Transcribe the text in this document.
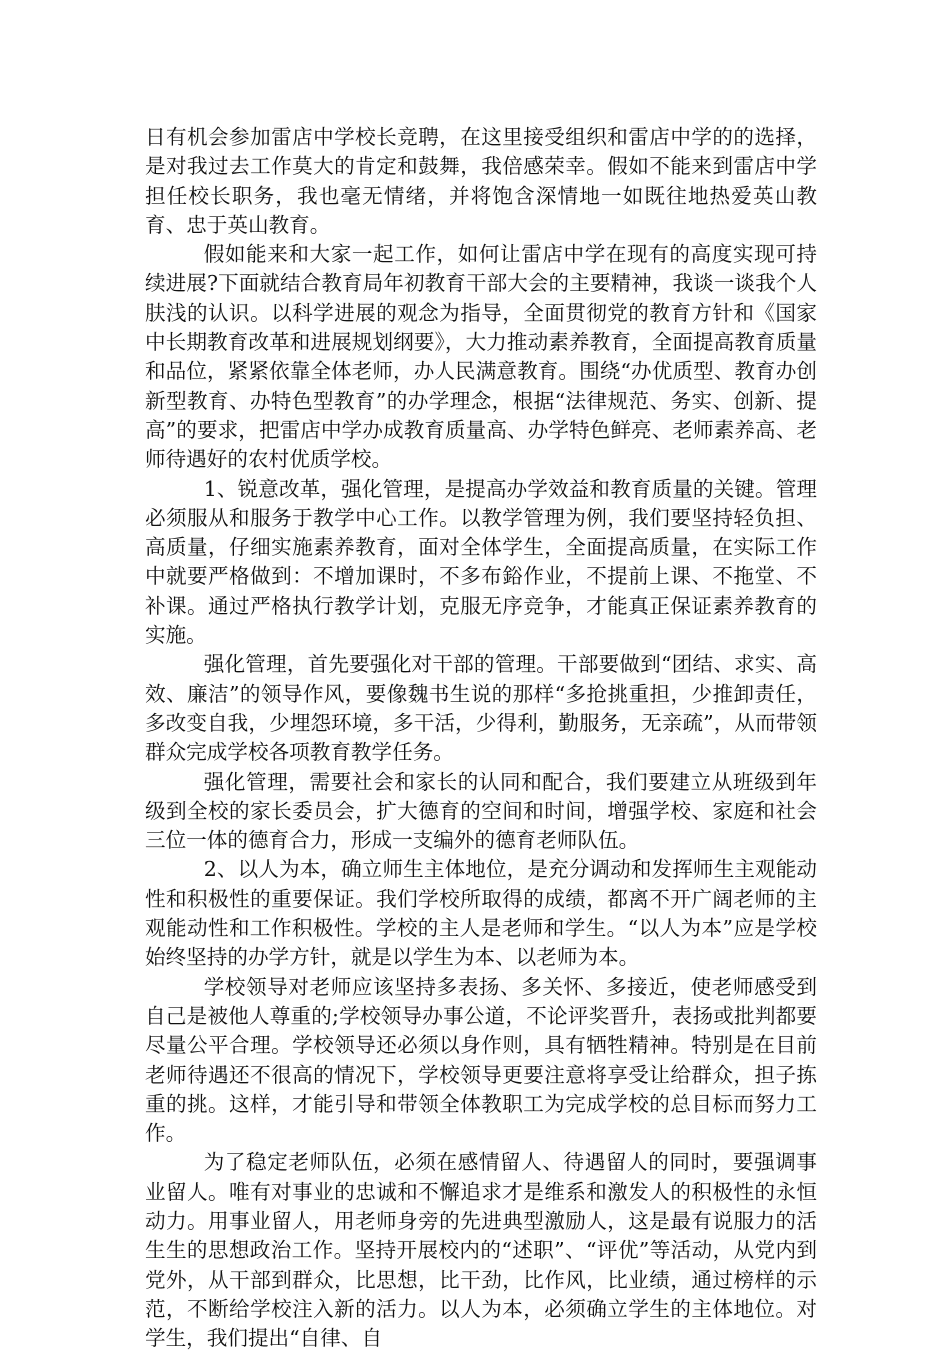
日有机会参加雷店中学校长竞聘，在这里接受组织和雷店中学的的选择，是对我过去工作莫大的肯定和鼓舞，我倍感荣幸。假如不能来到雷店中学担任校长职务，我也毫无情绪，并将饱含深情地一如既往地热爱英山教育、忠于英山教育。

假如能来和大家一起工作，如何让雷店中学在现有的高度实现可持续进展?下面就结合教育局年初教育干部大会的主要精神，我谈一谈我个人肤浅的认识。以科学进展的观念为指导，全面贯彻党的教育方针和《国家中长期教育改革和进展规划纲要》，大力推动素养教育，全面提高教育质量和品位，紧紧依靠全体老师，办人民满意教育。围绕“办优质型、教育办创新型教育、办特色型教育”的办学理念，根据“法律规范、务实、创新、提高”的要求，把雷店中学办成教育质量高、办学特色鲜亮、老师素养高、老师待遇好的农村优质学校。

1、锐意改革，强化管理，是提高办学效益和教育质量的关键。管理必须服从和服务于教学中心工作。以教学管理为例，我们要坚持轻负担、高质量，仔细实施素养教育，面对全体学生，全面提高质量，在实际工作中就要严格做到：不增加课时，不多布鋊作业，不提前上课、不拖堂、不补课。通过严格执行教学计划，克服无序竞争，才能真正保证素养教育的实施。

强化管理，首先要强化对干部的管理。干部要做到“团结、求实、高效、廉洁”的领导作风，要像魏书生说的那样“多抢挑重担，少推卸责任，多改变自我，少埋怨环境，多干活，少得利，勤服务，无亲疏”，从而带领群众完成学校各项教育教学任务。

强化管理，需要社会和家长的认同和配合，我们要建立从班级到年级到全校的家长委员会，扩大德育的空间和时间，增强学校、家庭和社会三位一体的德育合力，形成一支编外的德育老师队伍。

2、以人为本，确立师生主体地位，是充分调动和发挥师生主观能动性和积极性的重要保证。我们学校所取得的成绩，都离不开广阔老师的主观能动性和工作积极性。学校的主人是老师和学生。“以人为本”应是学校始终坚持的办学方针，就是以学生为本、以老师为本。

学校领导对老师应该坚持多表扬、多关怀、多接近，使老师感受到自己是被他人尊重的;学校领导办事公道，不论评奖晋升，表扬或批判都要尽量公平合理。学校领导还必须以身作则，具有牺牲精神。特别是在目前老师待遇还不很高的情况下，学校领导更要注意将享受让给群众，担子拣重的挑。这样，才能引导和带领全体教职工为完成学校的总目标而努力工作。

为了稳定老师队伍，必须在感情留人、待遇留人的同时，要强调事业留人。唯有对事业的忠诚和不懈追求才是维系和激发人的积极性的永恒动力。用事业留人，用老师身旁的先进典型激励人，这是最有说服力的活生生的思想政治工作。坚持开展校内的“述职”、“评优”等活动，从党内到党外，从干部到群众，比思想，比干劲，比作风，比业绩，通过榜样的示范，不断给学校注入新的活力。以人为本，必须确立学生的主体地位。对学生，我们提出“自律、自
